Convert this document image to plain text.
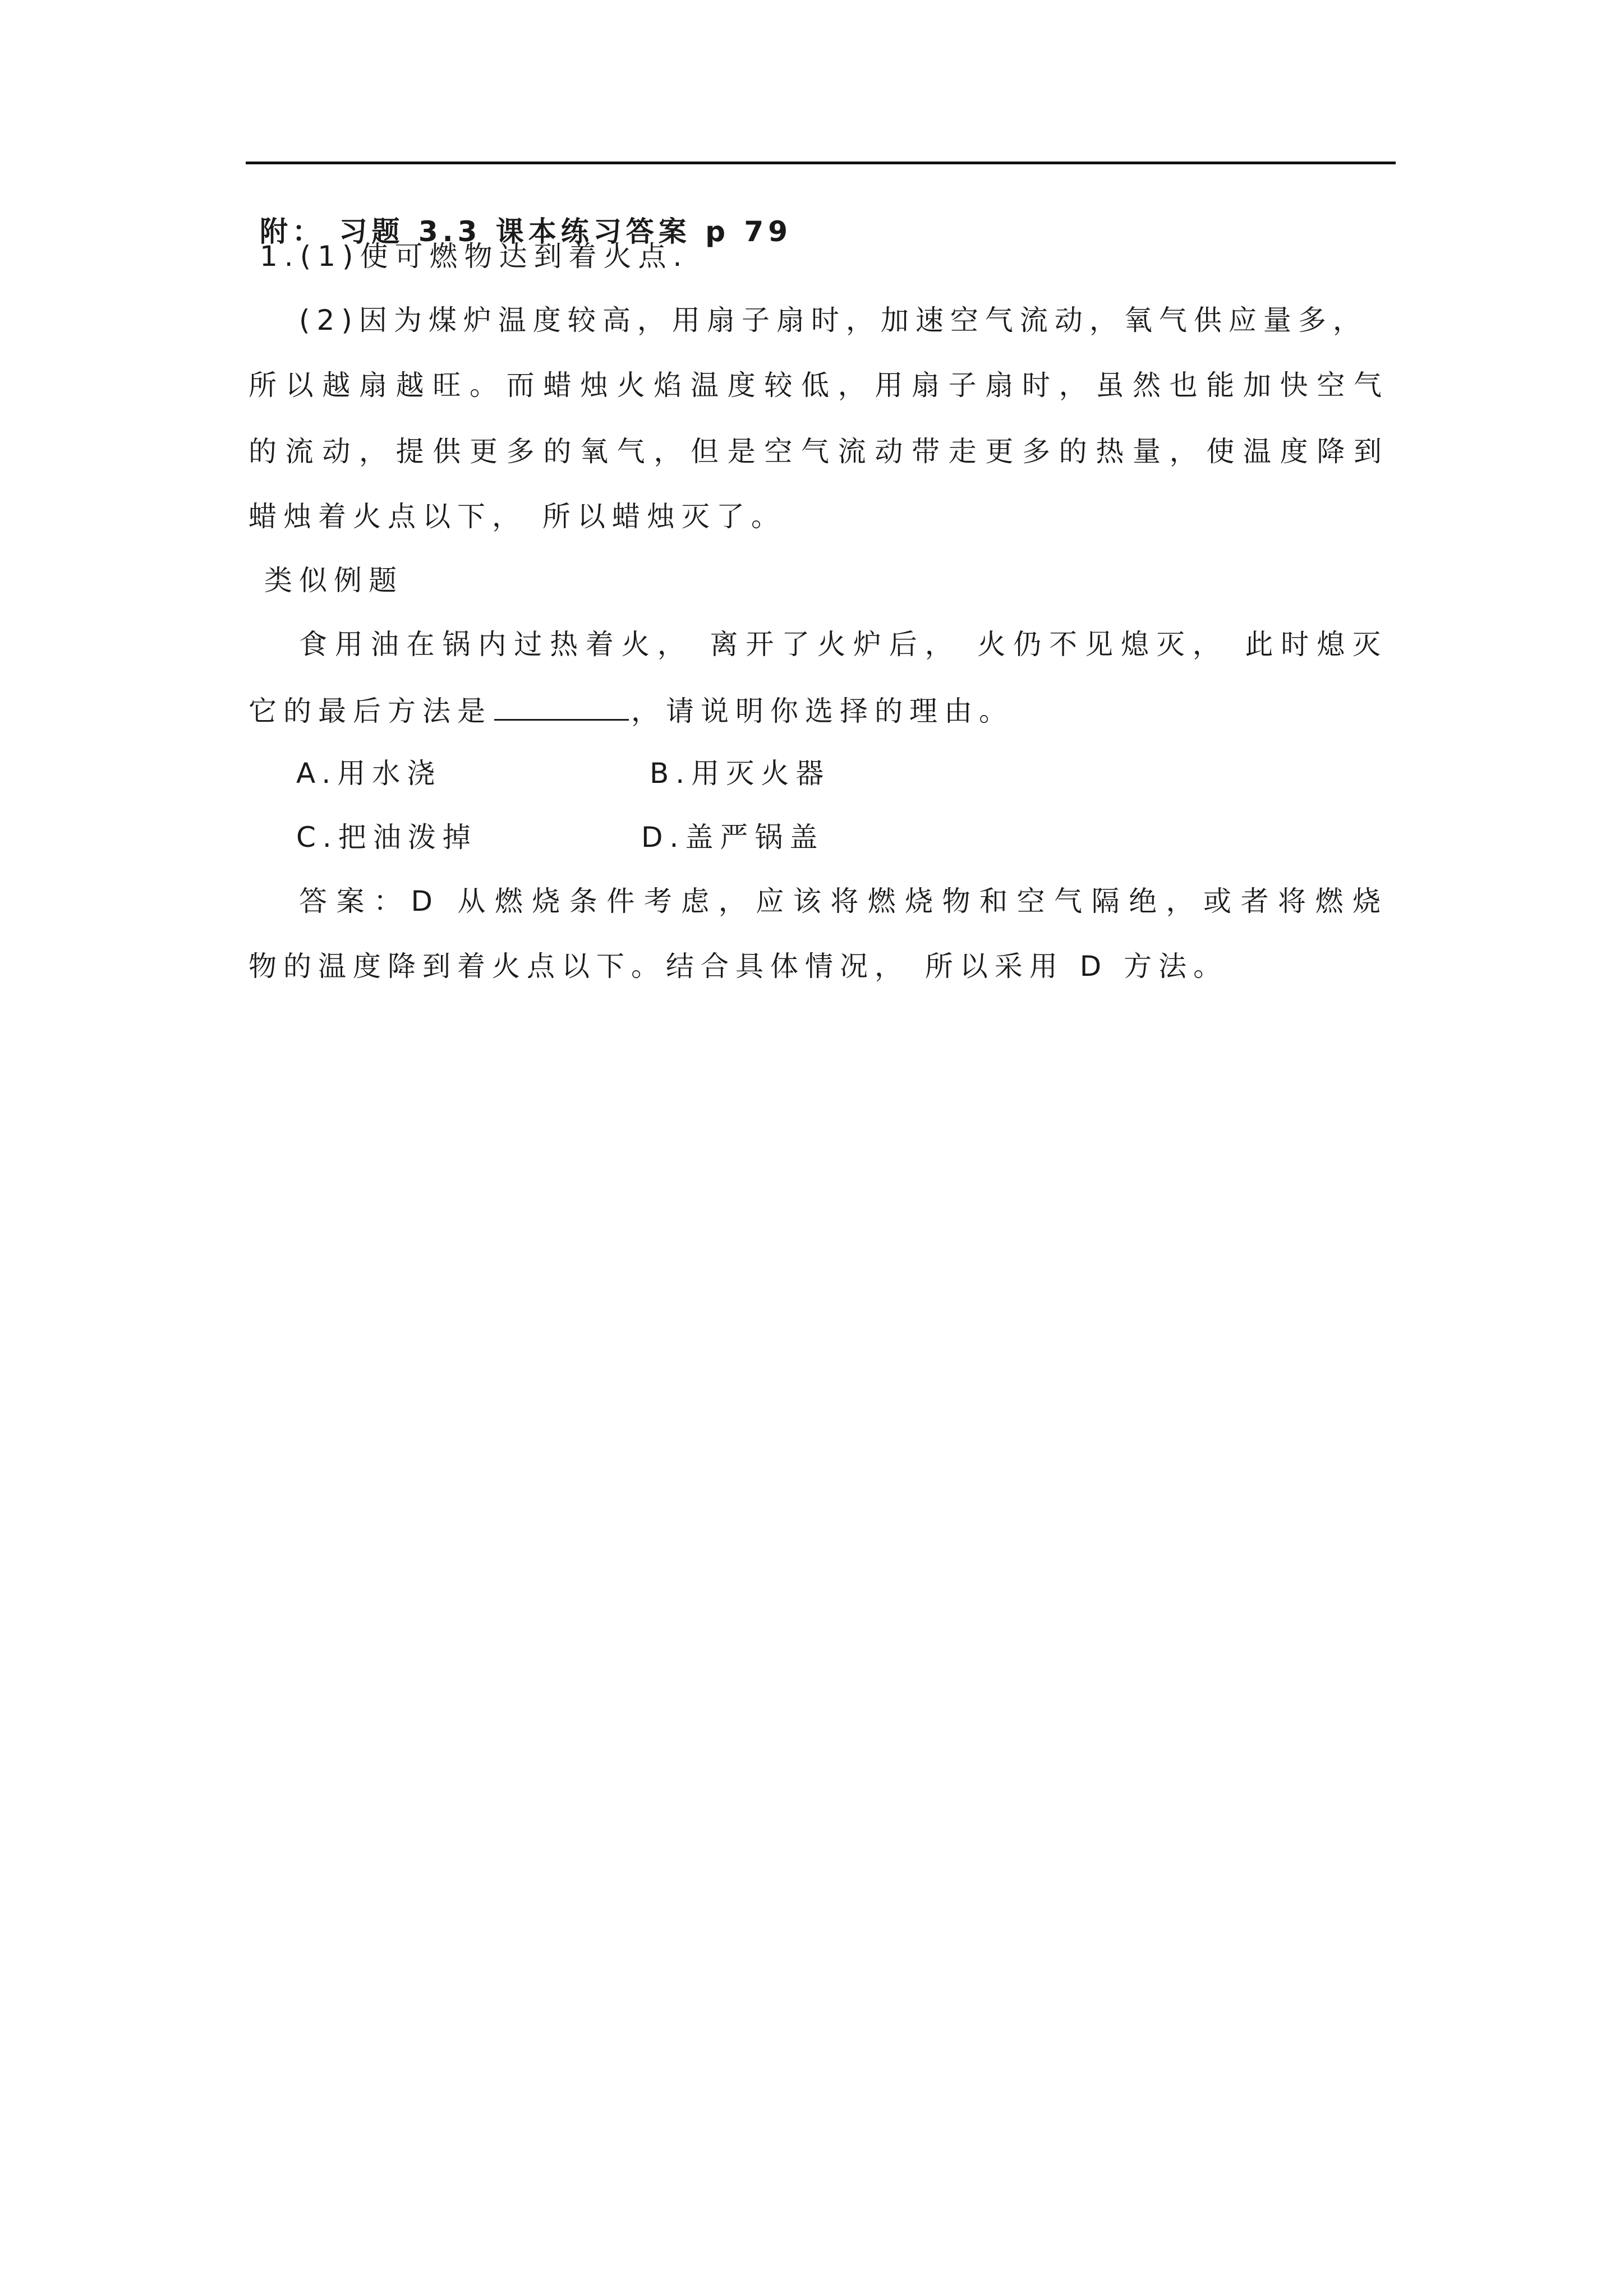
附： 习题 3.3 课本练习答案 p 79
1.(1)使可燃物达到着火点.
(2)因为煤炉温度较高，用扇子扇时，加速空气流动，氧气供应量多，
所以越扇越旺。而蜡烛火焰温度较低，用扇子扇时，虽然也能加快空气
的流动，提供更多的氧气，但是空气流动带走更多的热量，使温度降到
蜡烛着火点以下， 所以蜡烛灭了。
类似例题
食用油在锅内过热着火， 离开了火炉后， 火仍不见熄灭， 此时熄灭
它的最后方法是	，请说明你选择的理由。
A.用水浇	B.用灭火器
C.把油泼掉	D.盖严锅盖
答案：D 从燃烧条件考虑，应该将燃烧物和空气隔绝，或者将燃烧
物的温度降到着火点以下。结合具体情况， 所以采用 D 方法。
